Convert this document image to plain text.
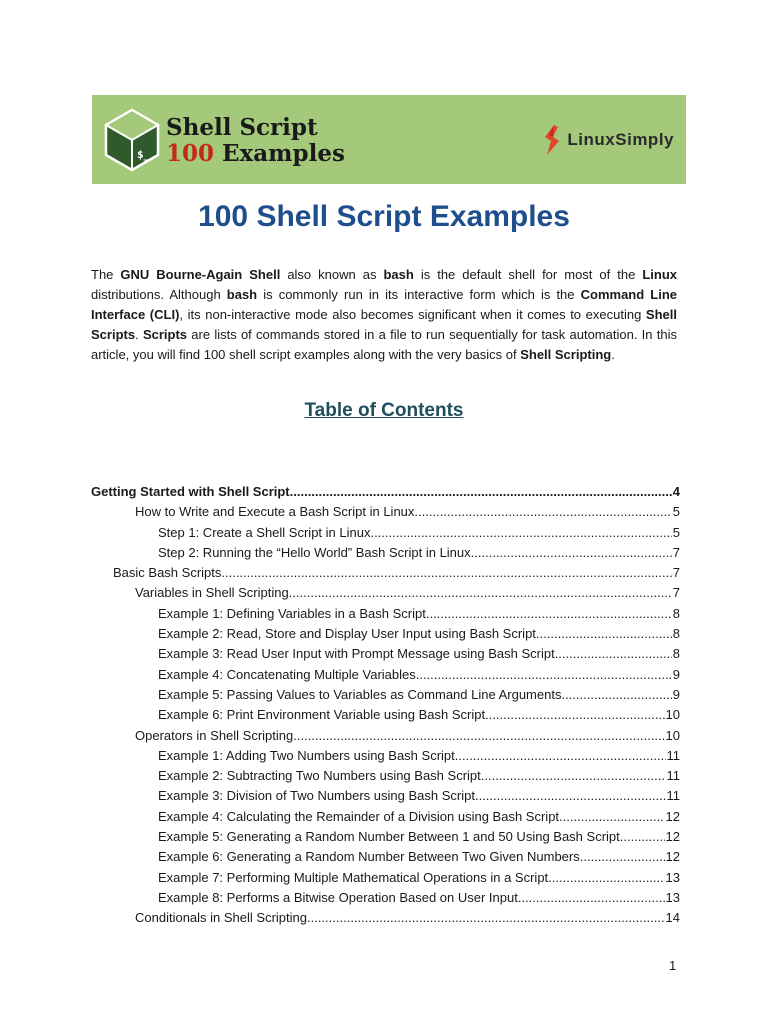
$_
Shell Script
100 Examples
LinuxSimply
100 Shell Script Examples

The GNU Bourne-Again Shell also known as bash is the default shell for most of the Linux distributions. Although bash is commonly run in its interactive form which is the Command Line Interface (CLI), its non-interactive mode also becomes significant when it comes to executing Shell Scripts. Scripts are lists of commands stored in a file to run sequentially for task automation. In this article, you will find 100 shell script examples along with the very basics of Shell Scripting.

Table of Contents
Getting Started with Shell Script .....	4
How to Write and Execute a Bash Script in Linux .....	5
Step 1: Create a Shell Script in Linux .....	5
Step 2: Running the “Hello World” Bash Script in Linux .....	7
Basic Bash Scripts .....	7
Variables in Shell Scripting .....	7
Example 1: Defining Variables in a Bash Script .....	8
Example 2: Read, Store and Display User Input using Bash Script .....	8
Example 3: Read User Input with Prompt Message using Bash Script .....	8
Example 4: Concatenating Multiple Variables .....	9
Example 5: Passing Values to Variables as Command Line Arguments .....	9
Example 6: Print Environment Variable using Bash Script .....	10
Operators in Shell Scripting .....	10
Example 1: Adding Two Numbers using Bash Script .....	11
Example 2: Subtracting Two Numbers using Bash Script .....	11
Example 3: Division of Two Numbers using Bash Script .....	11
Example 4: Calculating the Remainder of a Division using Bash Script .....	12
Example 5: Generating a Random Number Between 1 and 50 Using Bash Script .....	12
Example 6: Generating a Random Number Between Two Given Numbers .....	12
Example 7: Performing Multiple Mathematical Operations in a Script .....	13
Example 8: Performs a Bitwise Operation Based on User Input .....	13
Conditionals in Shell Scripting .....	14
1
